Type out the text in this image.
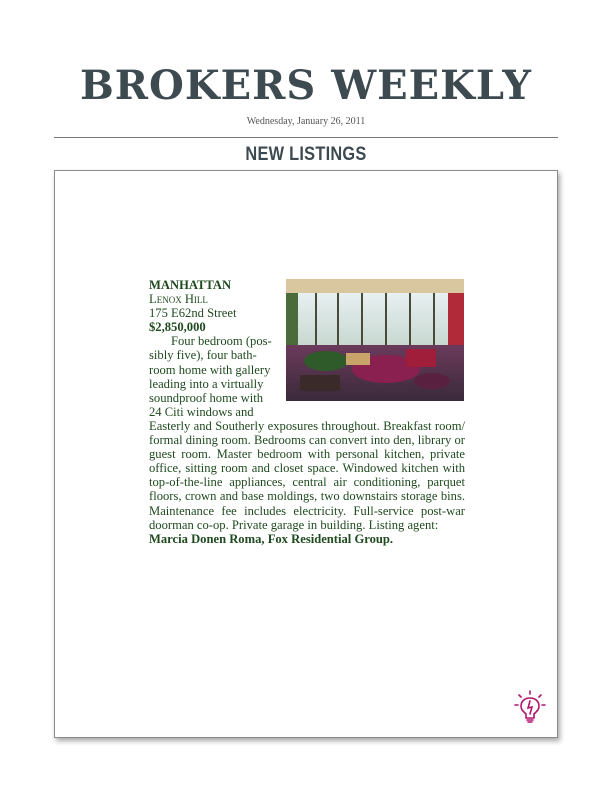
BROKERS WEEKLY
Wednesday, January 26, 2011
NEW LISTINGS

MANHATTAN

Lenox Hill

175 E62nd Street

$2,850,000

Four bedroom (pos-

sibly five), four bath-

room home with gallery

leading into a virtually

soundproof home with

24 Citi windows and

Easterly and Southerly exposures throughout. Breakfast room/ formal dining room. Bedrooms can convert into den, library or guest room. Master bedroom with personal kitchen, private office, sitting room and closet space. Windowed kitchen with top-of-the-line appliances, central air conditioning, parquet floors, crown and base moldings, two downstairs storage bins. Maintenance fee includes electricity. Full-service post-war doorman co-op. Private garage in building. Listing agent:

Marcia Donen Roma, Fox Residential Group.
